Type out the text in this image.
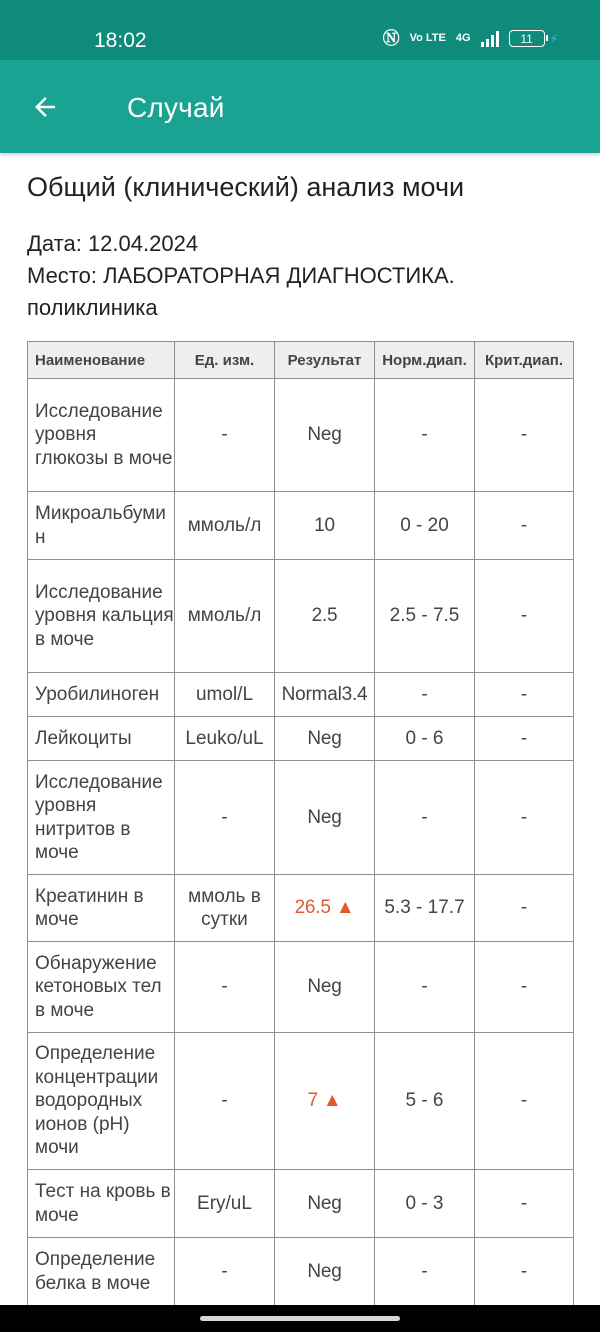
18:02	Ⓝ Vo LTE 4G	11 ⚡
Случай
Общий (клинический) анализ мочи
Дата: 12.04.2024
Место: ЛАБОРАТОРНАЯ ДИАГНОСТИКА. поликлиника
Наименование	Ед. изм.	Результат	Норм.диап.	Крит.диап.
Исследование уровня глюкозы в моче	-	Neg	-	-
Микроальбумин	ммоль/л	10	0 - 20	-
Исследование уровня кальция в моче	ммоль/л	2.5	2.5 - 7.5	-
Уробилиноген	umol/L	Normal3.4	-	-
Лейкоциты	Leuko/uL	Neg	0 - 6	-
Исследование уровня нитритов в моче	-	Neg	-	-
Креатинин в моче	ммоль в сутки	26.5 ▲	5.3 - 17.7	-
Обнаружение кетоновых тел в моче	-	Neg	-	-
Определение концентрации водородных ионов (pH) мочи	-	7 ▲	5 - 6	-
Тест на кровь в моче	Ery/uL	Neg	0 - 3	-
Определение белка в моче	-	Neg	-	-
